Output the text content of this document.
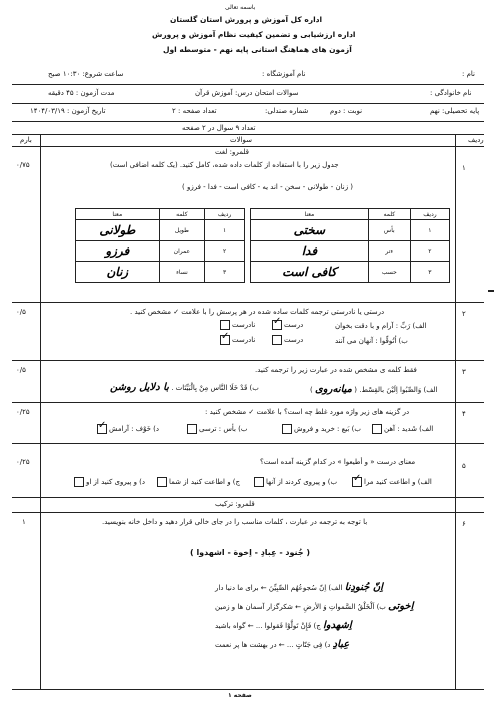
باسمه تعالی
اداره کل آموزش و پرورش استان گلستان
اداره ارزشیابی و تضمین کیفیت نظام آموزش و پرورش
آزمون های هماهنگ استانی پایه نهم - متوسطه اول
نام :
نام آموزشگاه :
ساعت شروع: ۱۰:۳۰ صبح
نام خانوادگی :
سوالات امتحان درس: آموزش قرآن
مدت آزمون : ۴۵ دقیقه
پایه تحصیلی: نهم
نوبت : دوم
شماره صندلی:
تعداد صفحه : ۲
تاریخ آزمون : ۱۴۰۴/۰۳/۱۹
تعداد ۹ سوال در ۲ صفحه
ردیف
سوالات
بارم
قلمرو: لغت
۱
جدول زیر را با استفاده از کلمات داده شده، کامل کنید. (یک کلمه اضافی است)
۰/۷۵
( زنان - طولانی - سخن - اند یه - کافی است - فدا - فرزو )
ردیف	کلمه	معنا
۱	بأس	سختی
۲	ءتر	فدا
۳	حسب	کافی است
ردیف	کلمه	معنا
۱	طویل	طولانی
۲	عمران	فرزو
۳	نساء	زنان
۲
درستی یا نادرستی ترجمه کلمات ساده شده در هر پرسش را با علامت ✓ مشخص کنید .
۰/۵
الف) رَبِّ : آرام و با دقت بخوان
درست✓
نادرست
ب) اُتُوفِّوا : آنهان می آنند
درست
نادرست✓
۳
فقط کلمه ی مشخص شده در عبارت زیر را ترجمه کنید.
۰/۵
الف) وَالصِّبُوا اِلَیْنَ بالقِسْط. ( میانه‌روی )
ب) قَدْ خَلَا النَّاس مِنْ بِالْبَیِّنَات . با دلایل روشن
۴
در گزینه های زیر واژه مورد غلط چه است؟ با علامت ✓ مشخص کنید :
۰/۲۵
الف) شَدید : آهن
ب) بَیع : خرید و فروش
ب) بأس : ترسی
د) خَوْف : آرامش✓
۵
معنای درست « و أطیعوا » در کدام گزینه آمده است؟
۰/۲۵
الف) و اطاعت کنید مرا✓
ب) و پیروی کردند از آنها
ج) و اطاعت کنید از شما
د) و پیروی کنید از او
قلمرو: ترکیب
۶
با توجه به ترجمه در عبارت ، کلمات مناسب را در جای خالی قرار دهید و داخل خانه بنویسید.
۱
( جُنود - عِبادِ - اِخوة - اشهدوا )
اِنّ جُنودِنا الف) اِنّ سُجوعُهُم الصِّبِیِّنَ ← برای ما دنیا دار
اِخوتی ب) اَلْخَلْقُ السَّمواتِ وَ الأرضِ ← شکرگزار آسمان ها و زمین
اِشهدوا ج) فَإِنْ تَولَّوْا فَقولوا ... ← گواه باشید
عِبادِ د) فِی جَنّاتٍ ... ← در بهشت ها پر نعمت
صفحه ۱
